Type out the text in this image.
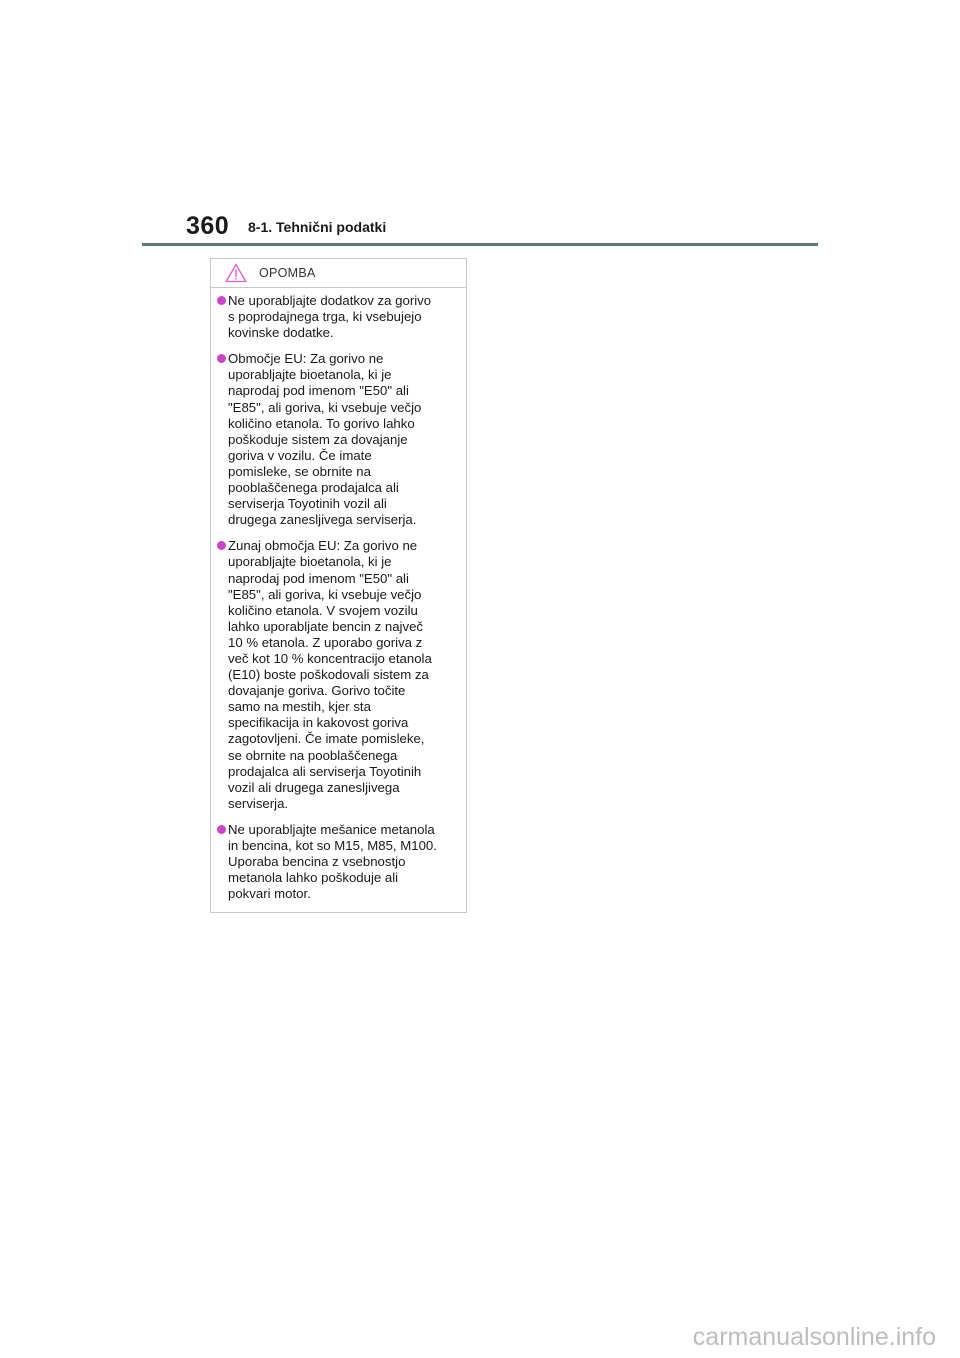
360 8-1. Tehnični podatki
OPOMBA
Ne uporabljajte dodatkov za gorivo
s poprodajnega trga, ki vsebujejo
kovinske dodatke.
Območje EU: Za gorivo ne
uporabljajte bioetanola, ki je
naprodaj pod imenom "E50" ali
"E85", ali goriva, ki vsebuje večjo
količino etanola. To gorivo lahko
poškoduje sistem za dovajanje
goriva v vozilu. Če imate
pomisleke, se obrnite na
pooblaščenega prodajalca ali
serviserja Toyotinih vozil ali
drugega zanesljivega serviserja.
Zunaj območja EU: Za gorivo ne
uporabljajte bioetanola, ki je
naprodaj pod imenom "E50" ali
"E85", ali goriva, ki vsebuje večjo
količino etanola. V svojem vozilu
lahko uporabljate bencin z največ
10 % etanola. Z uporabo goriva z
več kot 10 % koncentracijo etanola
(E10) boste poškodovali sistem za
dovajanje goriva. Gorivo točite
samo na mestih, kjer sta
specifikacija in kakovost goriva
zagotovljeni. Če imate pomisleke,
se obrnite na pooblaščenega
prodajalca ali serviserja Toyotinih
vozil ali drugega zanesljivega
serviserja.
Ne uporabljajte mešanice metanola
in bencina, kot so M15, M85, M100.
Uporaba bencina z vsebnostjo
metanola lahko poškoduje ali
pokvari motor.
carmanualsonline.info
